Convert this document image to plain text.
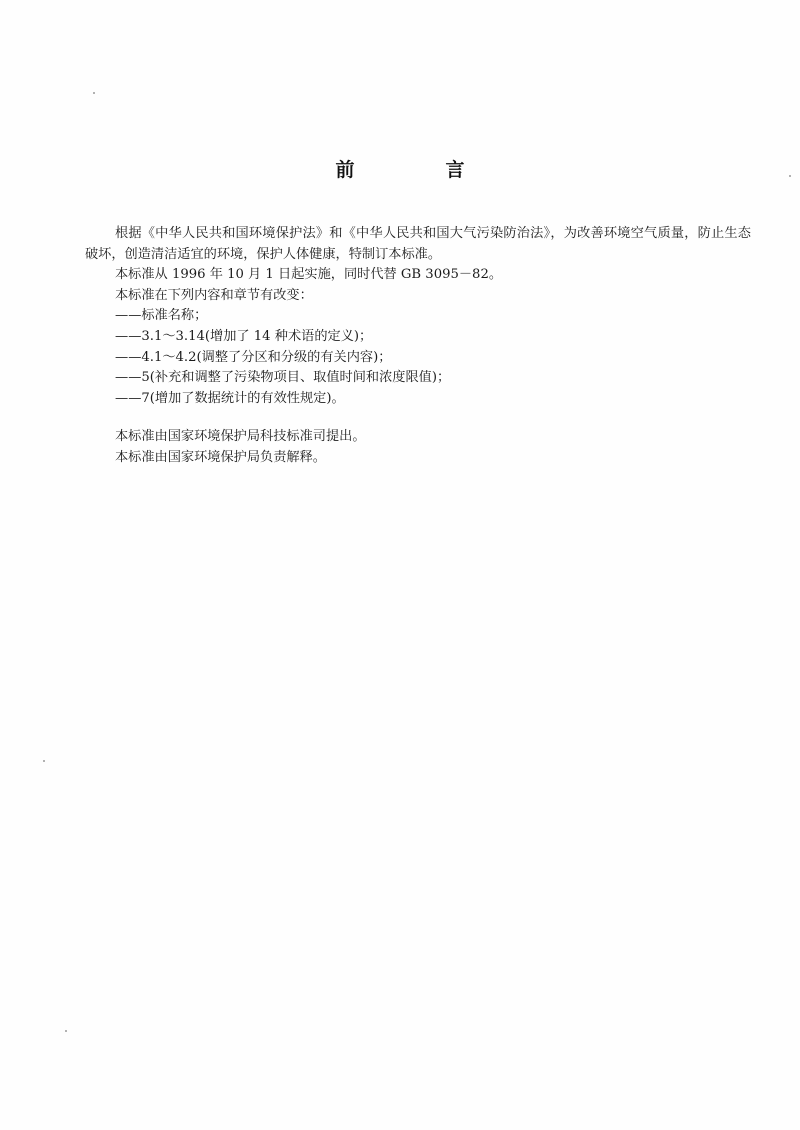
前　言

根据《中华人民共和国环境保护法》和《中华人民共和国大气污染防治法》，为改善环境空气质量，防止生态破坏，创造清洁适宜的环境，保护人体健康，特制订本标准。

本标准从 1996 年 10 月 1 日起实施，同时代替 GB 3095－82。

本标准在下列内容和章节有改变：

——标准名称；

——3.1～3.14(增加了 14 种术语的定义)；

——4.1～4.2(调整了分区和分级的有关内容)；

——5(补充和调整了污染物项目、取值时间和浓度限值)；

——7(增加了数据统计的有效性规定)。

本标准由国家环境保护局科技标准司提出。

本标准由国家环境保护局负责解释。
